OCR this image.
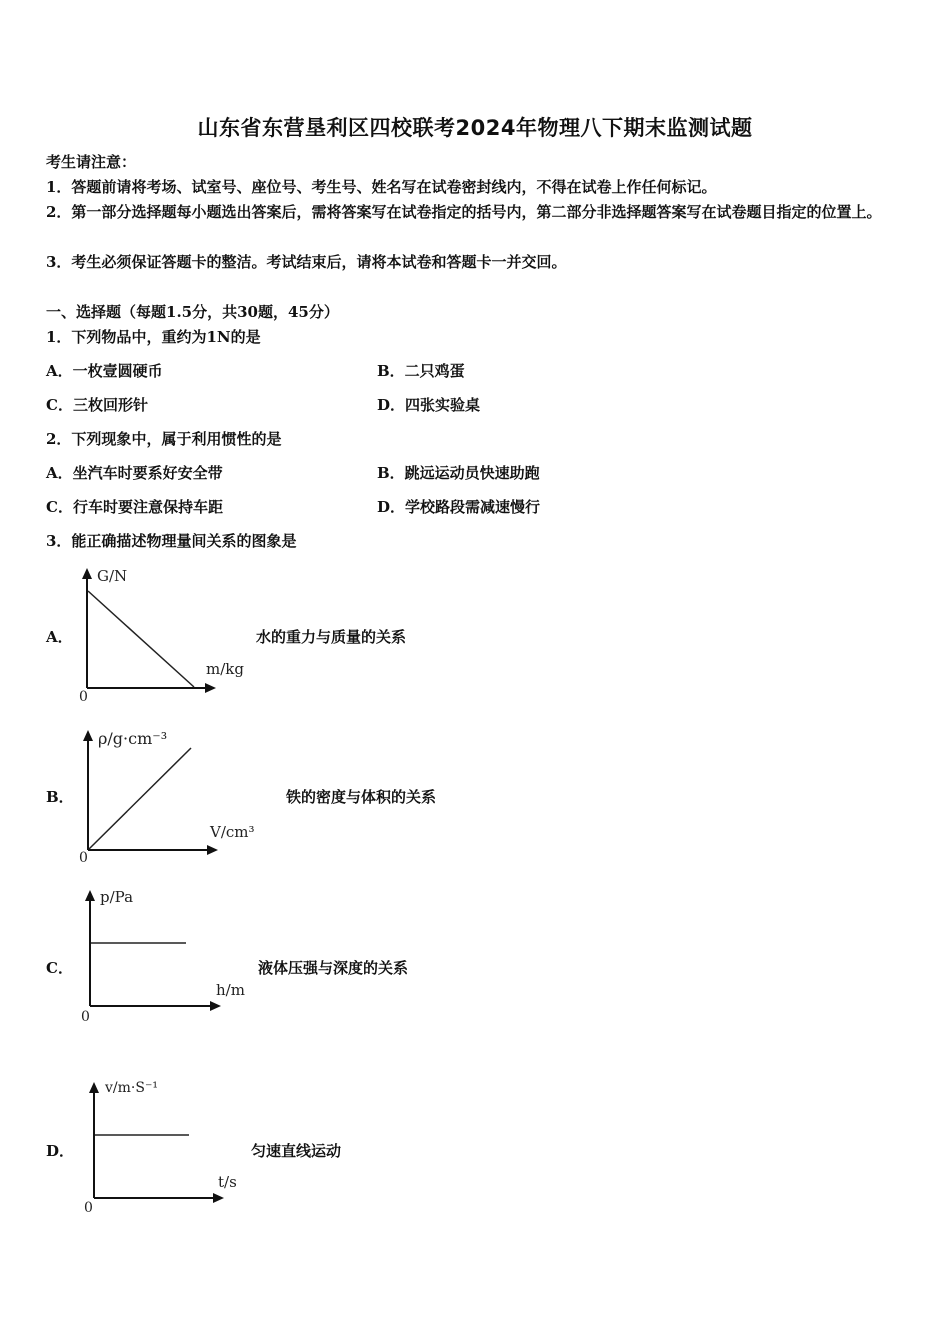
山东省东营垦利区四校联考2024年物理八下期末监测试题
考生请注意：
1．答题前请将考场、试室号、座位号、考生号、姓名写在试卷密封线内，不得在试卷上作任何标记。
2．第一部分选择题每小题选出答案后，需将答案写在试卷指定的括号内，第二部分非选择题答案写在试卷题目指定的位置上。
3．考生必须保证答题卡的整洁。考试结束后，请将本试卷和答题卡一并交回。
一、选择题（每题1.5分，共30题，45分）
1．下列物品中，重约为1N的是
A．一枚壹圆硬币	B．二只鸡蛋
C．三枚回形针	D．四张实验桌
2．下列现象中，属于利用惯性的是
A．坐汽车时要系好安全带	B．跳远运动员快速助跑
C．行车时要注意保持车距	D．学校路段需减速慢行
3．能正确描述物理量间关系的图象是
A．
G/N
m/kg
0
水的重力与质量的关系
B．
ρ/g·cm⁻³
V/cm³
0
铁的密度与体积的关系
C．
p/Pa
h/m
0
液体压强与深度的关系
D．
v/m·S⁻¹
t/s
0
匀速直线运动
